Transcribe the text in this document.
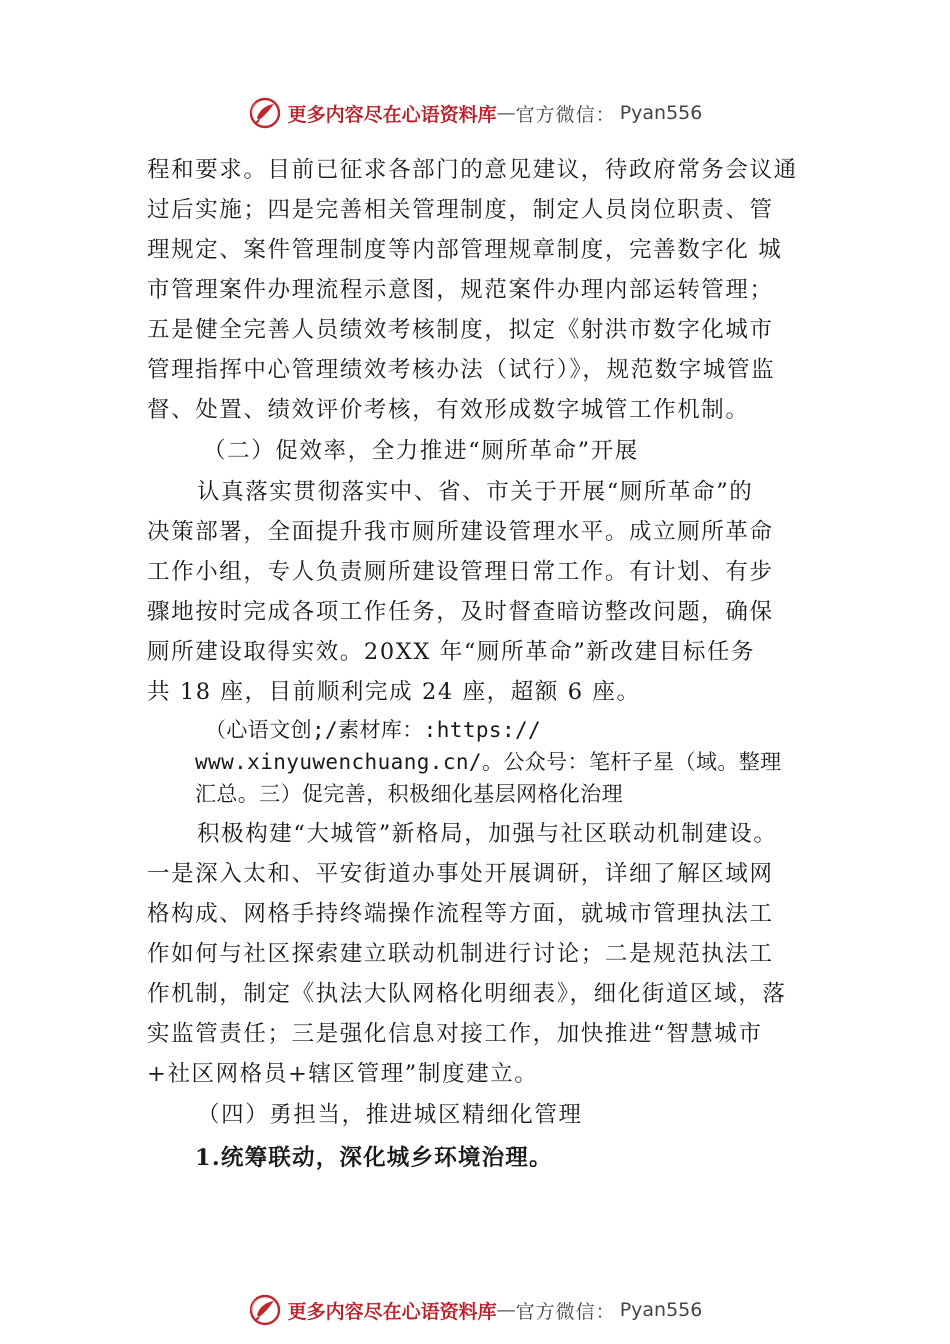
更多内容尽在心语资料库 — 官方微信： Pyan556
程和要求。目前已征求各部门的意见建议，待政府常务会议通
过后实施；四是完善相关管理制度，制定人员岗位职责、管
理规定、案件管理制度等内部管理规章制度，完善数字化 城
市管理案件办理流程示意图，规范案件办理内部运转管理；
五是健全完善人员绩效考核制度，拟定《射洪市数字化城市
管理指挥中心管理绩效考核办法（试行）》，规范数字城管监
督、处置、绩效评价考核，有效形成数字城管工作机制。
（二）促效率，全力推进“厕所革命”开展
认真落实贯彻落实中、省、市关于开展“厕所革命”的
决策部署，全面提升我市厕所建设管理水平。成立厕所革命
工作小组，专人负责厕所建设管理日常工作。有计划、有步
骤地按时完成各项工作任务，及时督查暗访整改问题，确保
厕所建设取得实效。20XX 年“厕所革命”新改建目标任务
共 18 座，目前顺利完成 24 座，超额 6 座。
（心语文创;/素材库：:https://
www.xinyuwenchuang.cn/。公众号：笔杆子星（域。整理
汇总。三）促完善，积极细化基层网格化治理
积极构建“大城管”新格局，加强与社区联动机制建设。
一是深入太和、平安街道办事处开展调研，详细了解区域网
格构成、网格手持终端操作流程等方面，就城市管理执法工
作如何与社区探索建立联动机制进行讨论；二是规范执法工
作机制，制定《执法大队网格化明细表》，细化街道区域，落
实监管责任；三是强化信息对接工作，加快推进“智慧城市
+社区网格员+辖区管理”制度建立。
（四）勇担当，推进城区精细化管理
1.统筹联动，深化城乡环境治理。
更多内容尽在心语资料库 — 官方微信： Pyan556
